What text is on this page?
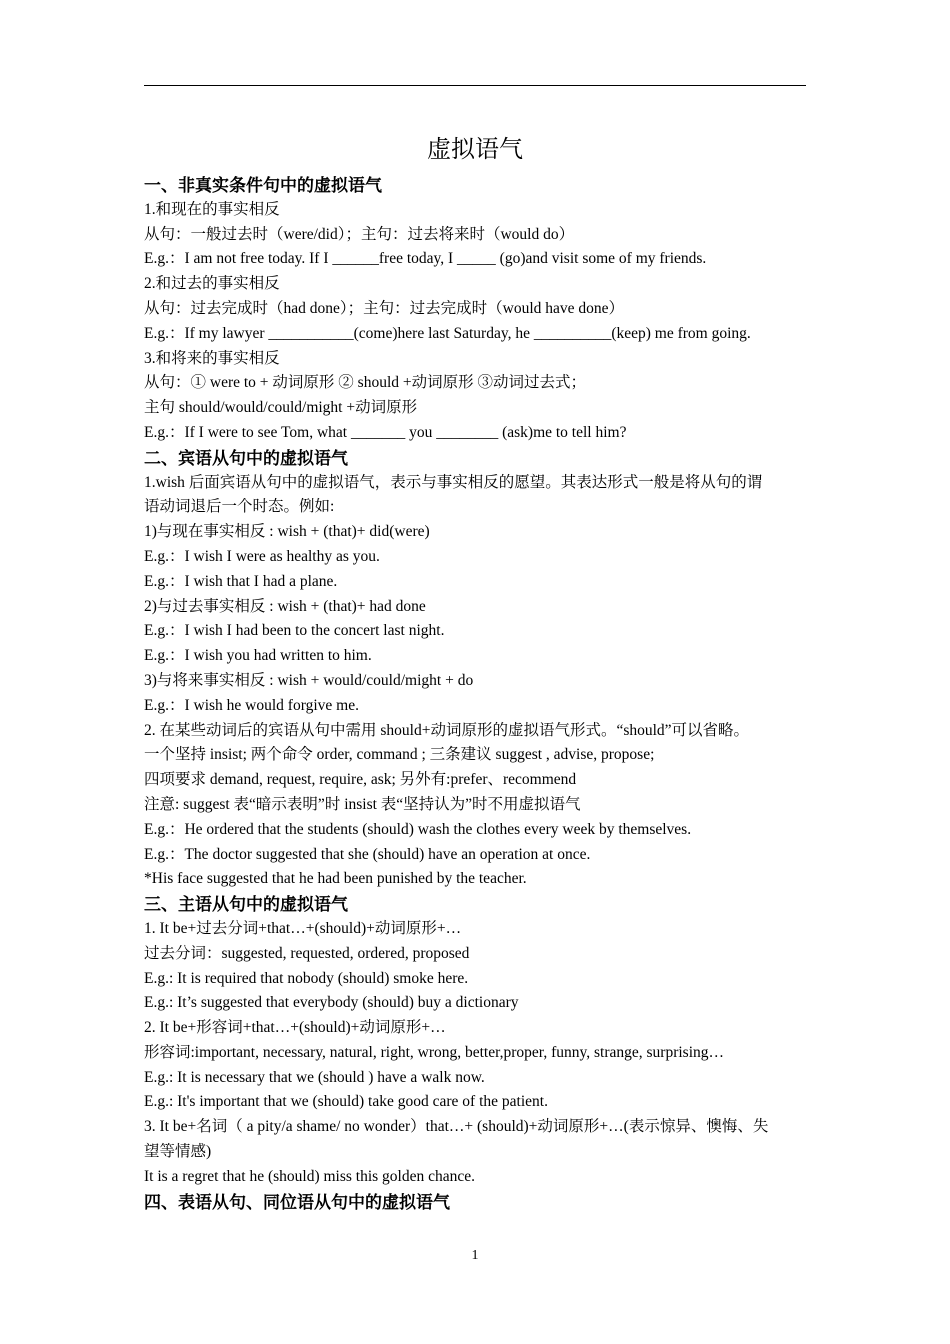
虚拟语气
一、非真实条件句中的虚拟语气
1.和现在的事实相反
从句：一般过去时（were/did）；主句：过去将来时（would do）
E.g.：I am not free today. If I ______free today, I _____ (go)and visit some of my friends.
2.和过去的事实相反
从句：过去完成时（had done）；主句：过去完成时（would have done）
E.g.：If my lawyer ___________(come)here last Saturday, he __________(keep) me from going.
3.和将来的事实相反
从句：① were to + 动词原形 ② should +动词原形 ③动词过去式；
主句 should/would/could/might +动词原形
E.g.：If I were to see Tom, what _______ you ________ (ask)me to tell him?
二、宾语从句中的虚拟语气
1.wish 后面宾语从句中的虚拟语气，表示与事实相反的愿望。其表达形式一般是将从句的谓
语动词退后一个时态。例如:
1)与现在事实相反 : wish + (that)+ did(were)
E.g.：I wish I were as healthy as you.
E.g.：I wish that I had a plane.
2)与过去事实相反 : wish + (that)+ had done
E.g.：I wish I had been to the concert last night.
E.g.：I wish you had written to him.
3)与将来事实相反 : wish + would/could/might + do
E.g.：I wish he would forgive me.
2. 在某些动词后的宾语从句中需用 should+动词原形的虚拟语气形式。“should”可以省略。
一个坚持 insist; 两个命令 order, command ; 三条建议 suggest , advise, propose;
四项要求 demand, request, require, ask; 另外有:prefer、recommend
注意: suggest 表“暗示表明”时 insist 表“坚持认为”时不用虚拟语气
E.g.：He ordered that the students (should) wash the clothes every week by themselves.
E.g.：The doctor suggested that she (should) have an operation at once.
*His face suggested that he had been punished by the teacher.
三、主语从句中的虚拟语气
1. It be+过去分词+that…+(should)+动词原形+…
过去分词：suggested, requested, ordered, proposed
E.g.: It is required that nobody (should) smoke here.
E.g.: It’s suggested that everybody (should) buy a dictionary
2. It be+形容词+that…+(should)+动词原形+…
形容词:important, necessary, natural, right, wrong, better,proper, funny, strange, surprising…
E.g.: It is necessary that we (should ) have a walk now.
E.g.: It's important that we (should) take good care of the patient.
3. It be+名词（ a pity/a shame/ no wonder）that…+ (should)+动词原形+…(表示惊异、懊悔、失
望等情感)
It is a regret that he (should) miss this golden chance.
四、表语从句、同位语从句中的虚拟语气
1
